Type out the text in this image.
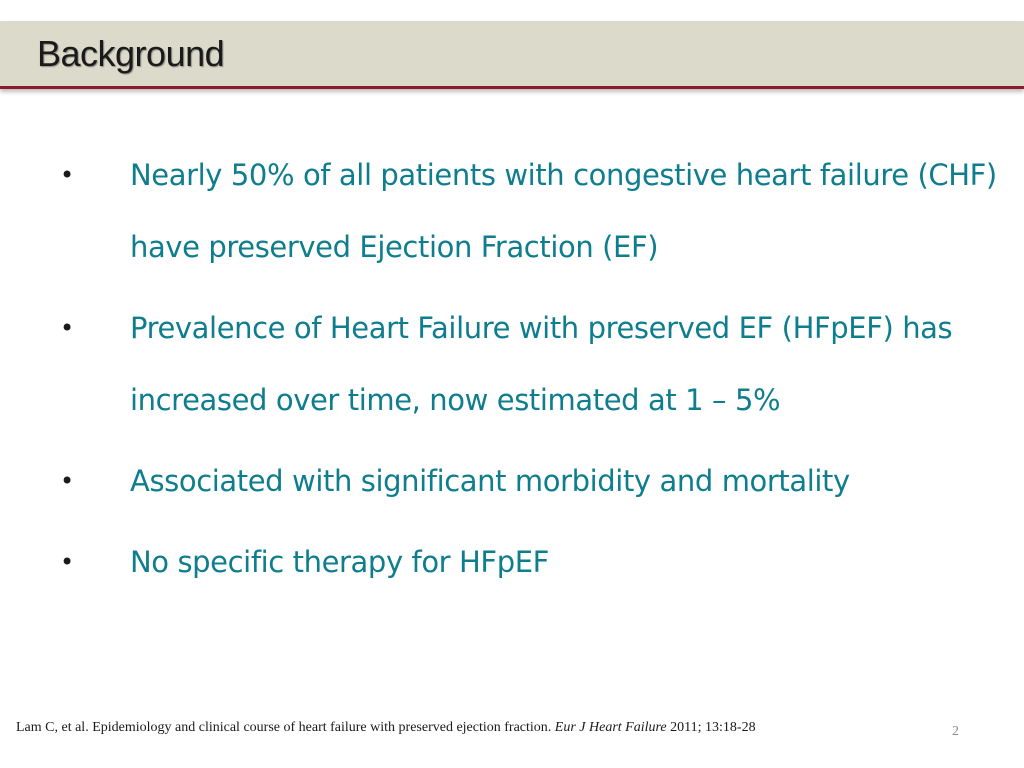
Background
• Nearly 50% of all patients with congestive heart failure (CHF) have preserved Ejection Fraction (EF)
• Prevalence of Heart Failure with preserved EF (HFpEF) has increased over time, now estimated at 1 – 5%
• Associated with significant morbidity and mortality
• No specific therapy for HFpEF
Lam C, et al. Epidemiology and clinical course of heart failure with preserved ejection fraction. Eur J Heart Failure 2011; 13:18-28	2
